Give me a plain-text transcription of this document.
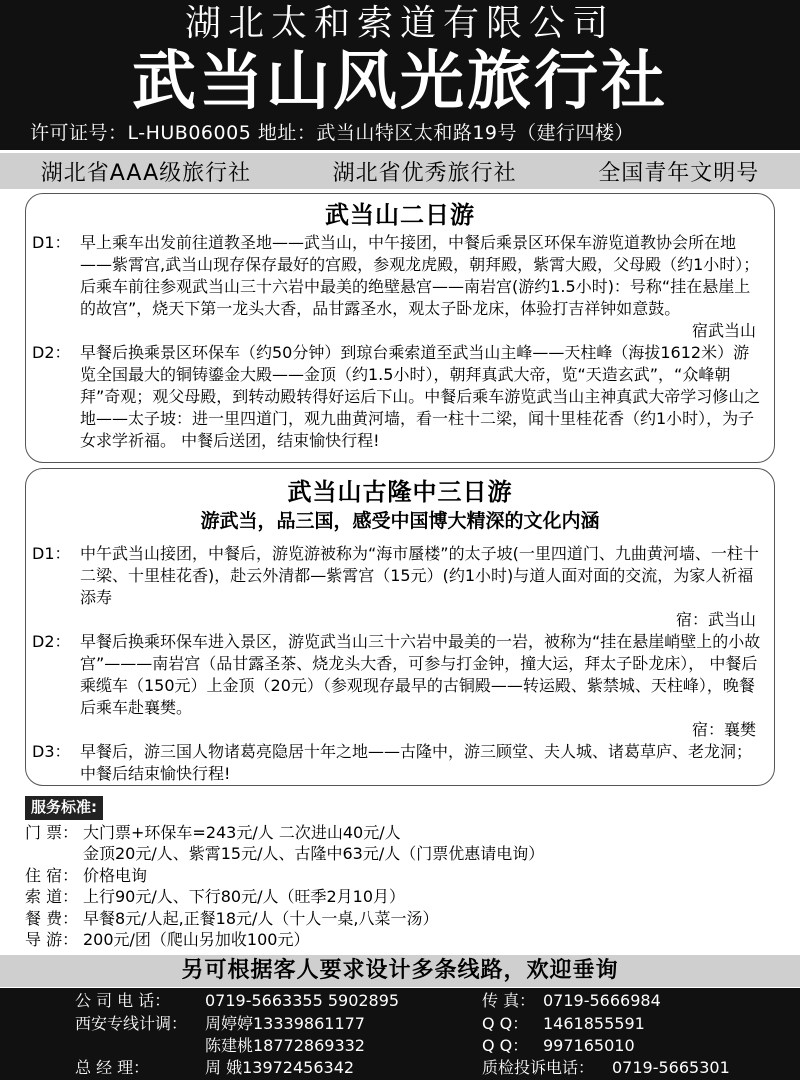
湖北太和索道有限公司
武当山风光旅行社
许可证号：L-HUB06005 地址：武当山特区太和路19号（建行四楼）
湖北省AAA级旅行社	湖北省优秀旅行社	全国青年文明号
武当山二日游
D1： 早上乘车出发前往道教圣地——武当山，中午接团，中餐后乘景区环保车游览道教协会所在地——紫霄宫,武当山现存保存最好的宫殿，参观龙虎殿，朝拜殿，紫霄大殿，父母殿（约1小时）；后乘车前往参观武当山三十六岩中最美的绝壁悬宫——南岩宫(游约1.5小时)：号称“挂在悬崖上的故宫”，烧天下第一龙头大香，品甘露圣水，观太子卧龙床，体验打吉祥钟如意鼓。
宿武当山
D2： 早餐后换乘景区环保车（约50分钟）到琼台乘索道至武当山主峰——天柱峰（海拔1612米）游览全国最大的铜铸鎏金大殿——金顶（约1.5小时），朝拜真武大帝，览“天造玄武”，“众峰朝拜”奇观；观父母殿，到转动殿转得好运后下山。中餐后乘车游览武当山主神真武大帝学习修山之地——太子坡：进一里四道门，观九曲黄河墙，看一柱十二梁，闻十里桂花香（约1小时），为子女求学祈福。 中餐后送团，结束愉快行程!
武当山古隆中三日游
游武当，品三国，感受中国博大精深的文化内涵
D1： 中午武当山接团，中餐后，游览游被称为“海市蜃楼”的太子坡(一里四道门、九曲黄河墙、一柱十二梁、十里桂花香)，赴云外清都—紫霄宫（15元）(约1小时)与道人面对面的交流，为家人祈福添寿
宿：武当山
D2： 早餐后换乘环保车进入景区，游览武当山三十六岩中最美的一岩，被称为“挂在悬崖峭壁上的小故宫”———南岩宫（品甘露圣茶、烧龙头大香，可参与打金钟，撞大运，拜太子卧龙床）， 中餐后乘缆车（150元）上金顶（20元）（参观现存最早的古铜殿——转运殿、紫禁城、天柱峰），晚餐后乘车赴襄樊。
宿：襄樊
D3： 早餐后，游三国人物诸葛亮隐居十年之地——古隆中，游三顾堂、夫人城、诸葛草庐、老龙洞；中餐后结束愉快行程!
服务标准:
门 票： 大门票+环保车=243元/人 二次进山40元/人
金顶20元/人、紫霄15元/人、古隆中63元/人（门票优惠请电询）
住 宿： 价格电询
索 道： 上行90元/人、下行80元/人（旺季2月10月）
餐 费： 早餐8元/人起,正餐18元/人（十人一桌,八菜一汤）
导 游： 200元/团（爬山另加收100元）
另可根据客人要求设计多条线路，欢迎垂询
公 司 电 话： 0719-5663355 5902895	传 真： 0719-5666984
西安专线计调： 周婷婷13339861177	Q Q： 1461855591
陈建桃18772869332	Q Q： 997165010
总 经 理：	周 娥13972456342	质检投诉电话： 0719-5665301
